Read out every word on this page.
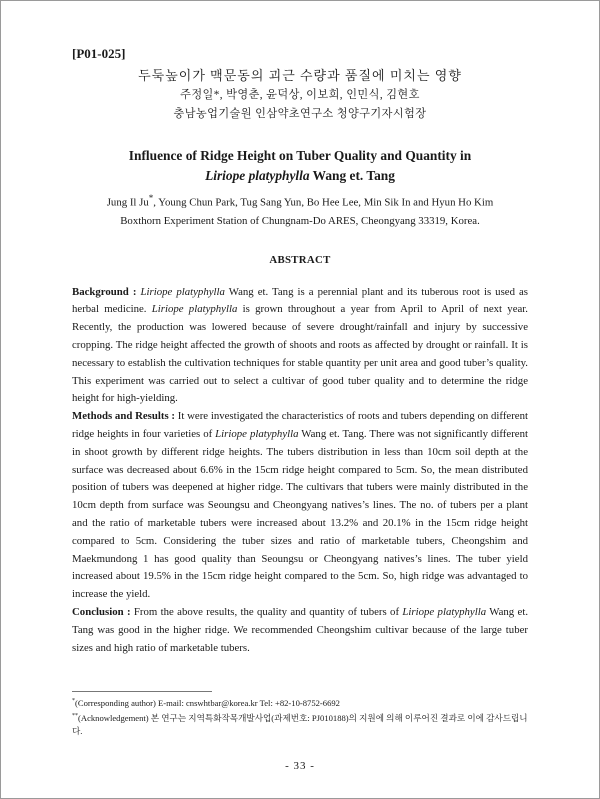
[P01-025]

두둑높이가 맥문동의 괴근 수량과 품질에 미치는 영향

주정일*, 박영춘, 윤덕상, 이보희, 인민식, 김현호

충남농업기술원 인삼약초연구소 청양구기자시험장

Influence of Ridge Height on Tuber Quality and Quantity in
Liriope platyphylla Wang et. Tang

Jung Il Ju*, Young Chun Park, Tug Sang Yun, Bo Hee Lee, Min Sik In and Hyun Ho Kim

Boxthorn Experiment Station of Chungnam-Do ARES, Cheongyang 33319, Korea.

ABSTRACT

Background : Liriope platyphylla Wang et. Tang is a perennial plant and its tuberous root is used as herbal medicine. Liriope platyphylla is grown throughout a year from April to April of next year. Recently, the production was lowered because of severe drought/rainfall and injury by successive cropping. The ridge height affected the growth of shoots and roots as affected by drought or rainfall. It is necessary to establish the cultivation techniques for stable quantity per unit area and good tuber’s quality. This experiment was carried out to select a cultivar of good tuber quality and to determine the ridge height for high-yielding.

Methods and Results : It were investigated the characteristics of roots and tubers depending on different ridge heights in four varieties of Liriope platyphylla Wang et. Tang. There was not significantly different in shoot growth by different ridge heights. The tubers distribution in less than 10cm soil depth at the surface was decreased about 6.6% in the 15cm ridge height compared to 5cm. So, the mean distributed position of tubers was deepened at higher ridge. The cultivars that tubers were mainly distributed in the 10cm depth from surface was Seoungsu and Cheongyang natives’s lines. The no. of tubers per a plant and the ratio of marketable tubers were increased about 13.2% and 20.1% in the 15cm ridge height compared to 5cm. Considering the tuber sizes and ratio of marketable tubers, Cheongshim and Maekmundong 1 has good quality than Seoungsu or Cheongyang natives’s lines. The tuber yield increased about 19.5% in the 15cm ridge height compared to the 5cm. So, high ridge was advantaged to increase the yield.

Conclusion : From the above results, the quality and quantity of tubers of Liriope platyphylla Wang et. Tang was good in the higher ridge. We recommended Cheongshim cultivar because of the large tuber sizes and high ratio of marketable tubers.

*(Corresponding author) E-mail: cnswhtbar@korea.kr Tel: +82-10-8752-6692

**(Acknowledgement) 본 연구는 지역특화작목개발사업(과제번호: PJ010188)의 지원에 의해 이루어진 결과로 이에 감사드립니다.

- 33 -
